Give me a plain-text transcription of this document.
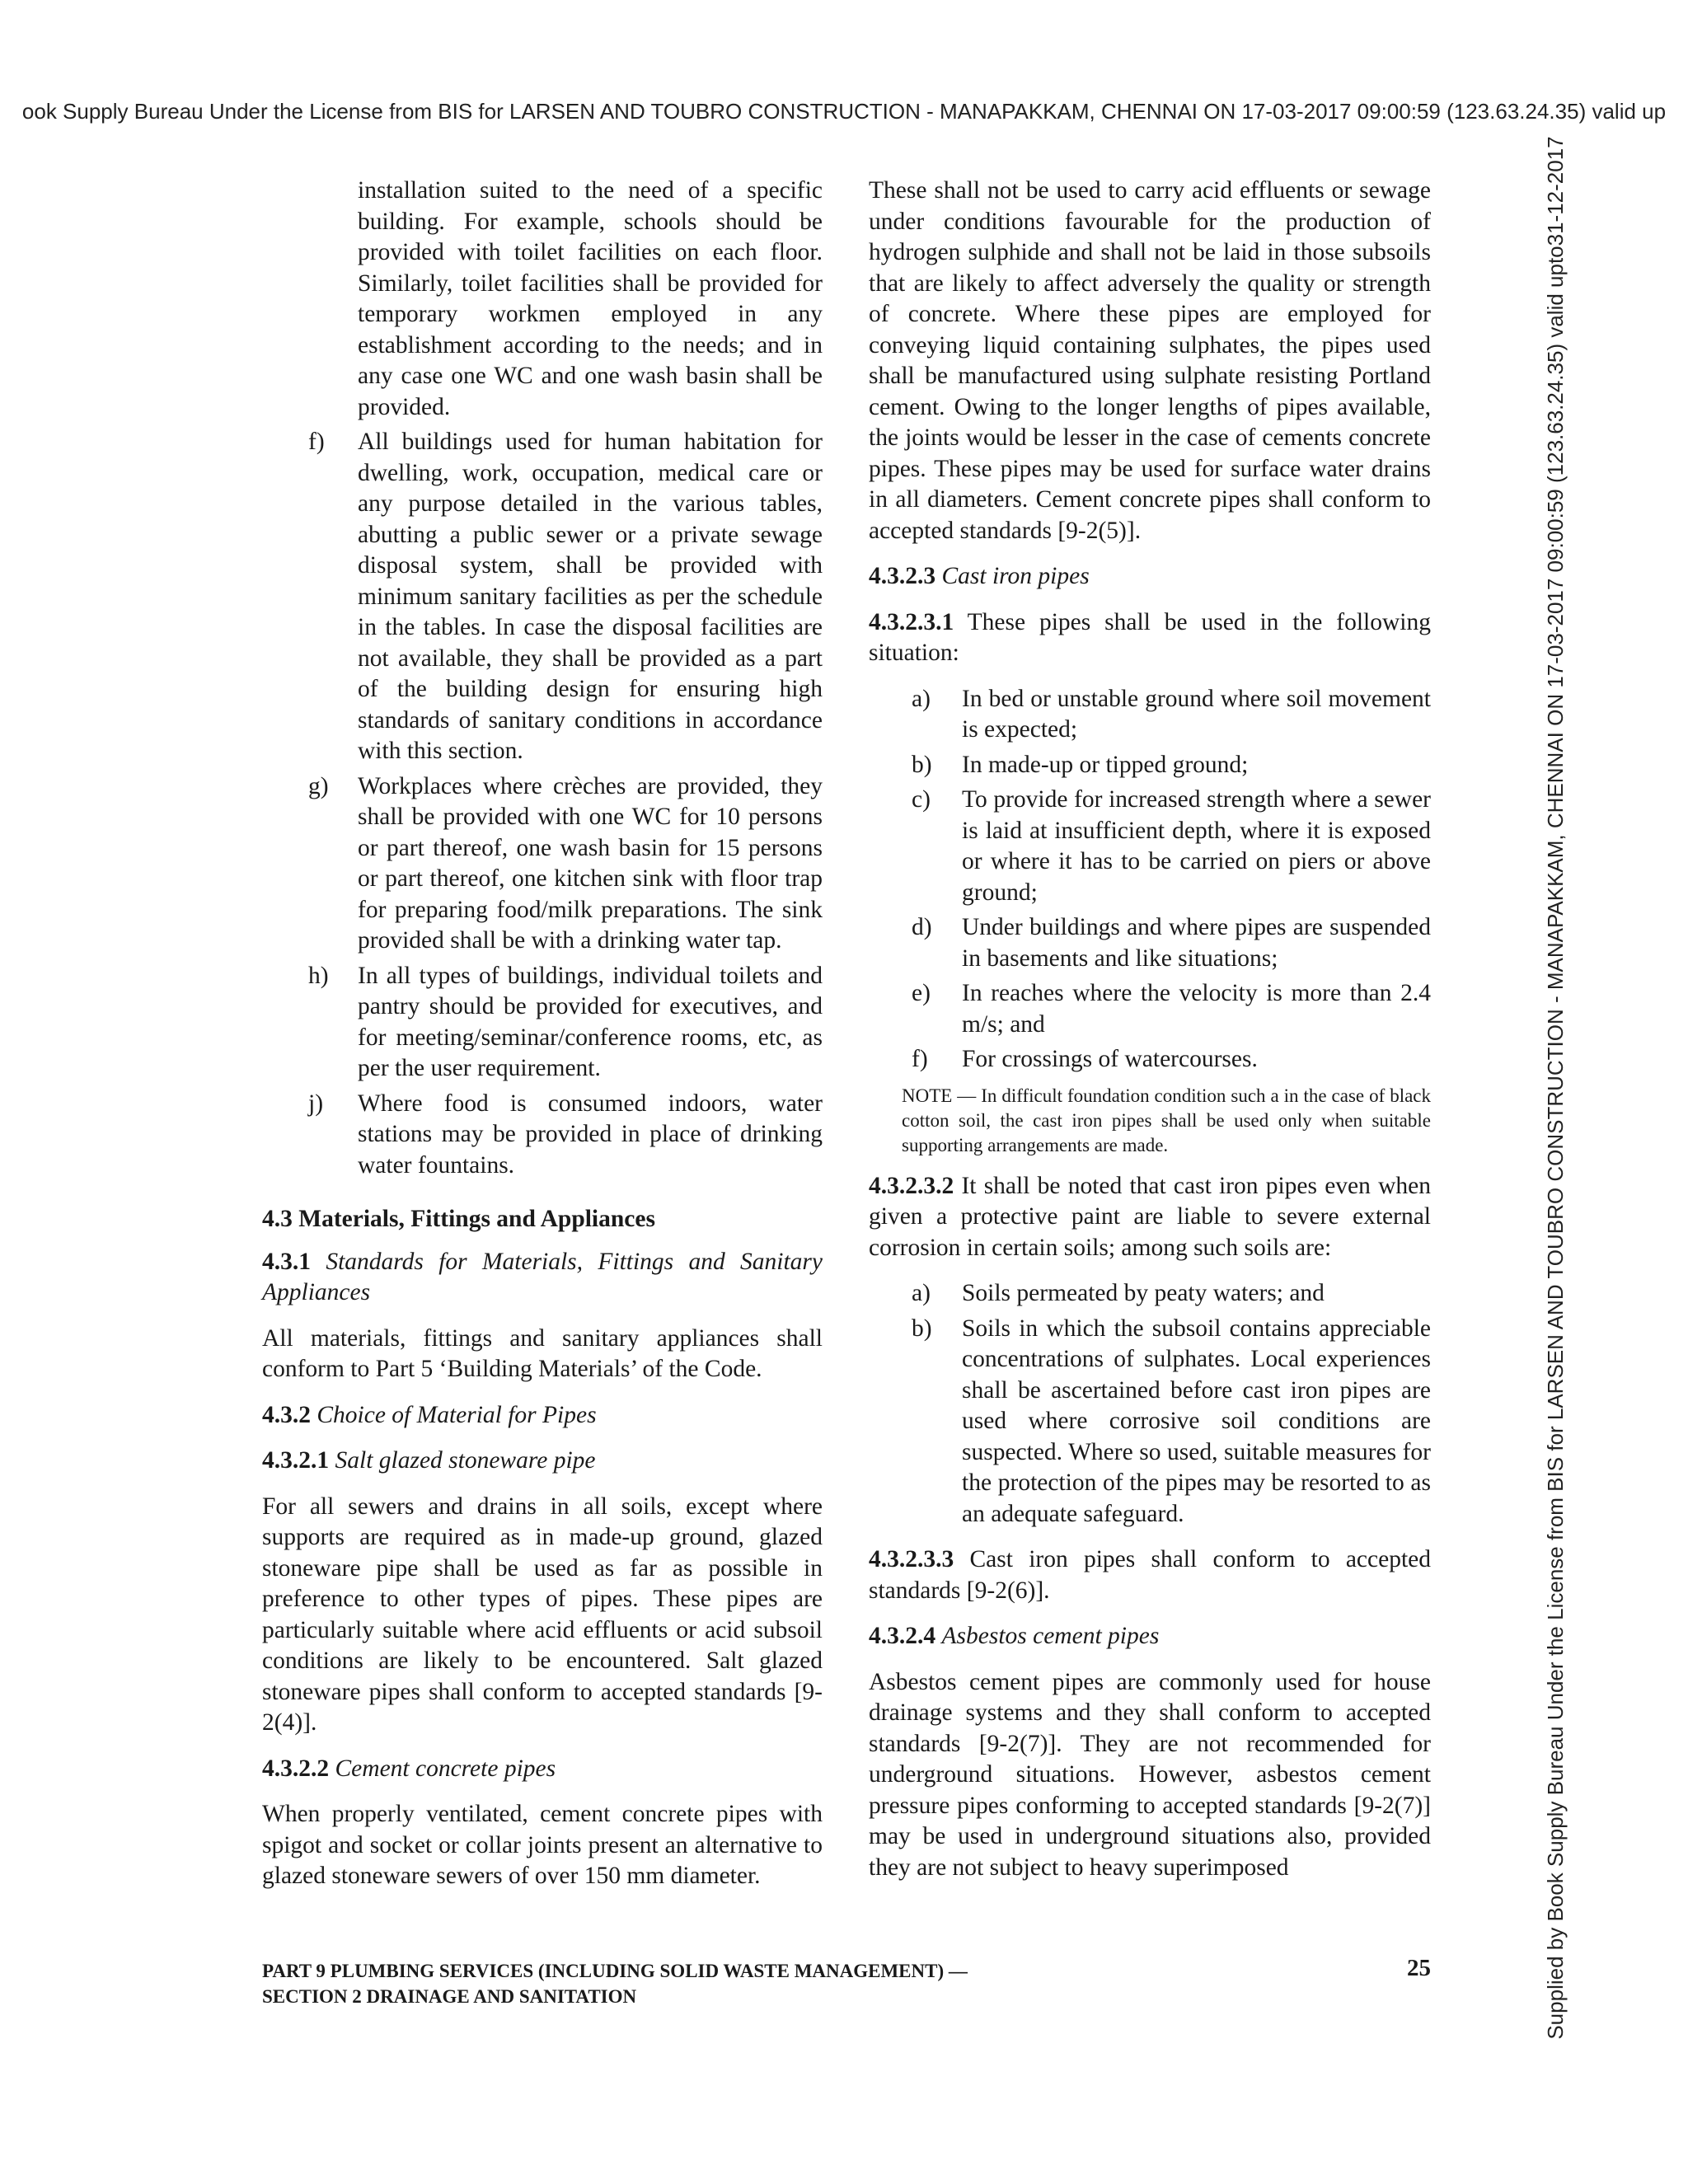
ook Supply Bureau Under the License from BIS for LARSEN AND TOUBRO CONSTRUCTION - MANAPAKKAM, CHENNAI ON 17-03-2017 09:00:59 (123.63.24.35) valid up
Supplied by Book Supply Bureau Under the License from BIS for LARSEN AND TOUBRO CONSTRUCTION - MANAPAKKAM, CHENNAI ON 17-03-2017 09:00:59 (123.63.24.35) valid upto31-12-2017

installation suited to the need of a specific building. For example, schools should be provided with toilet facilities on each floor. Similarly, toilet facilities shall be provided for temporary workmen employed in any establishment according to the needs; and in any case one WC and one wash basin shall be provided.

f) All buildings used for human habitation for dwelling, work, occupation, medical care or any purpose detailed in the various tables, abutting a public sewer or a private sewage disposal system, shall be provided with minimum sanitary facilities as per the schedule in the tables. In case the disposal facilities are not available, they shall be provided as a part of the building design for ensuring high standards of sanitary conditions in accordance with this section.

g) Workplaces where crèches are provided, they shall be provided with one WC for 10 persons or part thereof, one wash basin for 15 persons or part thereof, one kitchen sink with floor trap for preparing food/milk preparations. The sink provided shall be with a drinking water tap.

h) In all types of buildings, individual toilets and pantry should be provided for executives, and for meeting/seminar/conference rooms, etc, as per the user requirement.

j) Where food is consumed indoors, water stations may be provided in place of drinking water fountains.

4.3 Materials, Fittings and Appliances

4.3.1 Standards for Materials, Fittings and Sanitary Appliances

All materials, fittings and sanitary appliances shall conform to Part 5 ‘Building Materials’ of the Code.

4.3.2 Choice of Material for Pipes

4.3.2.1 Salt glazed stoneware pipe

For all sewers and drains in all soils, except where supports are required as in made-up ground, glazed stoneware pipe shall be used as far as possible in preference to other types of pipes. These pipes are particularly suitable where acid effluents or acid subsoil conditions are likely to be encountered. Salt glazed stoneware pipes shall conform to accepted standards [9-2(4)].

4.3.2.2 Cement concrete pipes

When properly ventilated, cement concrete pipes with spigot and socket or collar joints present an alternative to glazed stoneware sewers of over 150 mm diameter.

These shall not be used to carry acid effluents or sewage under conditions favourable for the production of hydrogen sulphide and shall not be laid in those subsoils that are likely to affect adversely the quality or strength of concrete. Where these pipes are employed for conveying liquid containing sulphates, the pipes used shall be manufactured using sulphate resisting Portland cement. Owing to the longer lengths of pipes available, the joints would be lesser in the case of cements concrete pipes. These pipes may be used for surface water drains in all diameters. Cement concrete pipes shall conform to accepted standards [9-2(5)].

4.3.2.3 Cast iron pipes

4.3.2.3.1 These pipes shall be used in the following situation:

a) In bed or unstable ground where soil movement is expected;

b) In made-up or tipped ground;

c) To provide for increased strength where a sewer is laid at insufficient depth, where it is exposed or where it has to be carried on piers or above ground;

d) Under buildings and where pipes are suspended in basements and like situations;

e) In reaches where the velocity is more than 2.4 m/s; and

f) For crossings of watercourses.

NOTE — In difficult foundation condition such a in the case of black cotton soil, the cast iron pipes shall be used only when suitable supporting arrangements are made.

4.3.2.3.2 It shall be noted that cast iron pipes even when given a protective paint are liable to severe external corrosion in certain soils; among such soils are:

a) Soils permeated by peaty waters; and

b) Soils in which the subsoil contains appreciable concentrations of sulphates. Local experiences shall be ascertained before cast iron pipes are used where corrosive soil conditions are suspected. Where so used, suitable measures for the protection of the pipes may be resorted to as an adequate safeguard.

4.3.2.3.3 Cast iron pipes shall conform to accepted standards [9-2(6)].

4.3.2.4 Asbestos cement pipes

Asbestos cement pipes are commonly used for house drainage systems and they shall conform to accepted standards [9-2(7)]. They are not recommended for underground situations. However, asbestos cement pressure pipes conforming to accepted standards [9-2(7)] may be used in underground situations also, provided they are not subject to heavy superimposed

PART 9 PLUMBING SERVICES (INCLUDING SOLID WASTE MANAGEMENT) —
SECTION 2 DRAINAGE AND SANITATION
25
